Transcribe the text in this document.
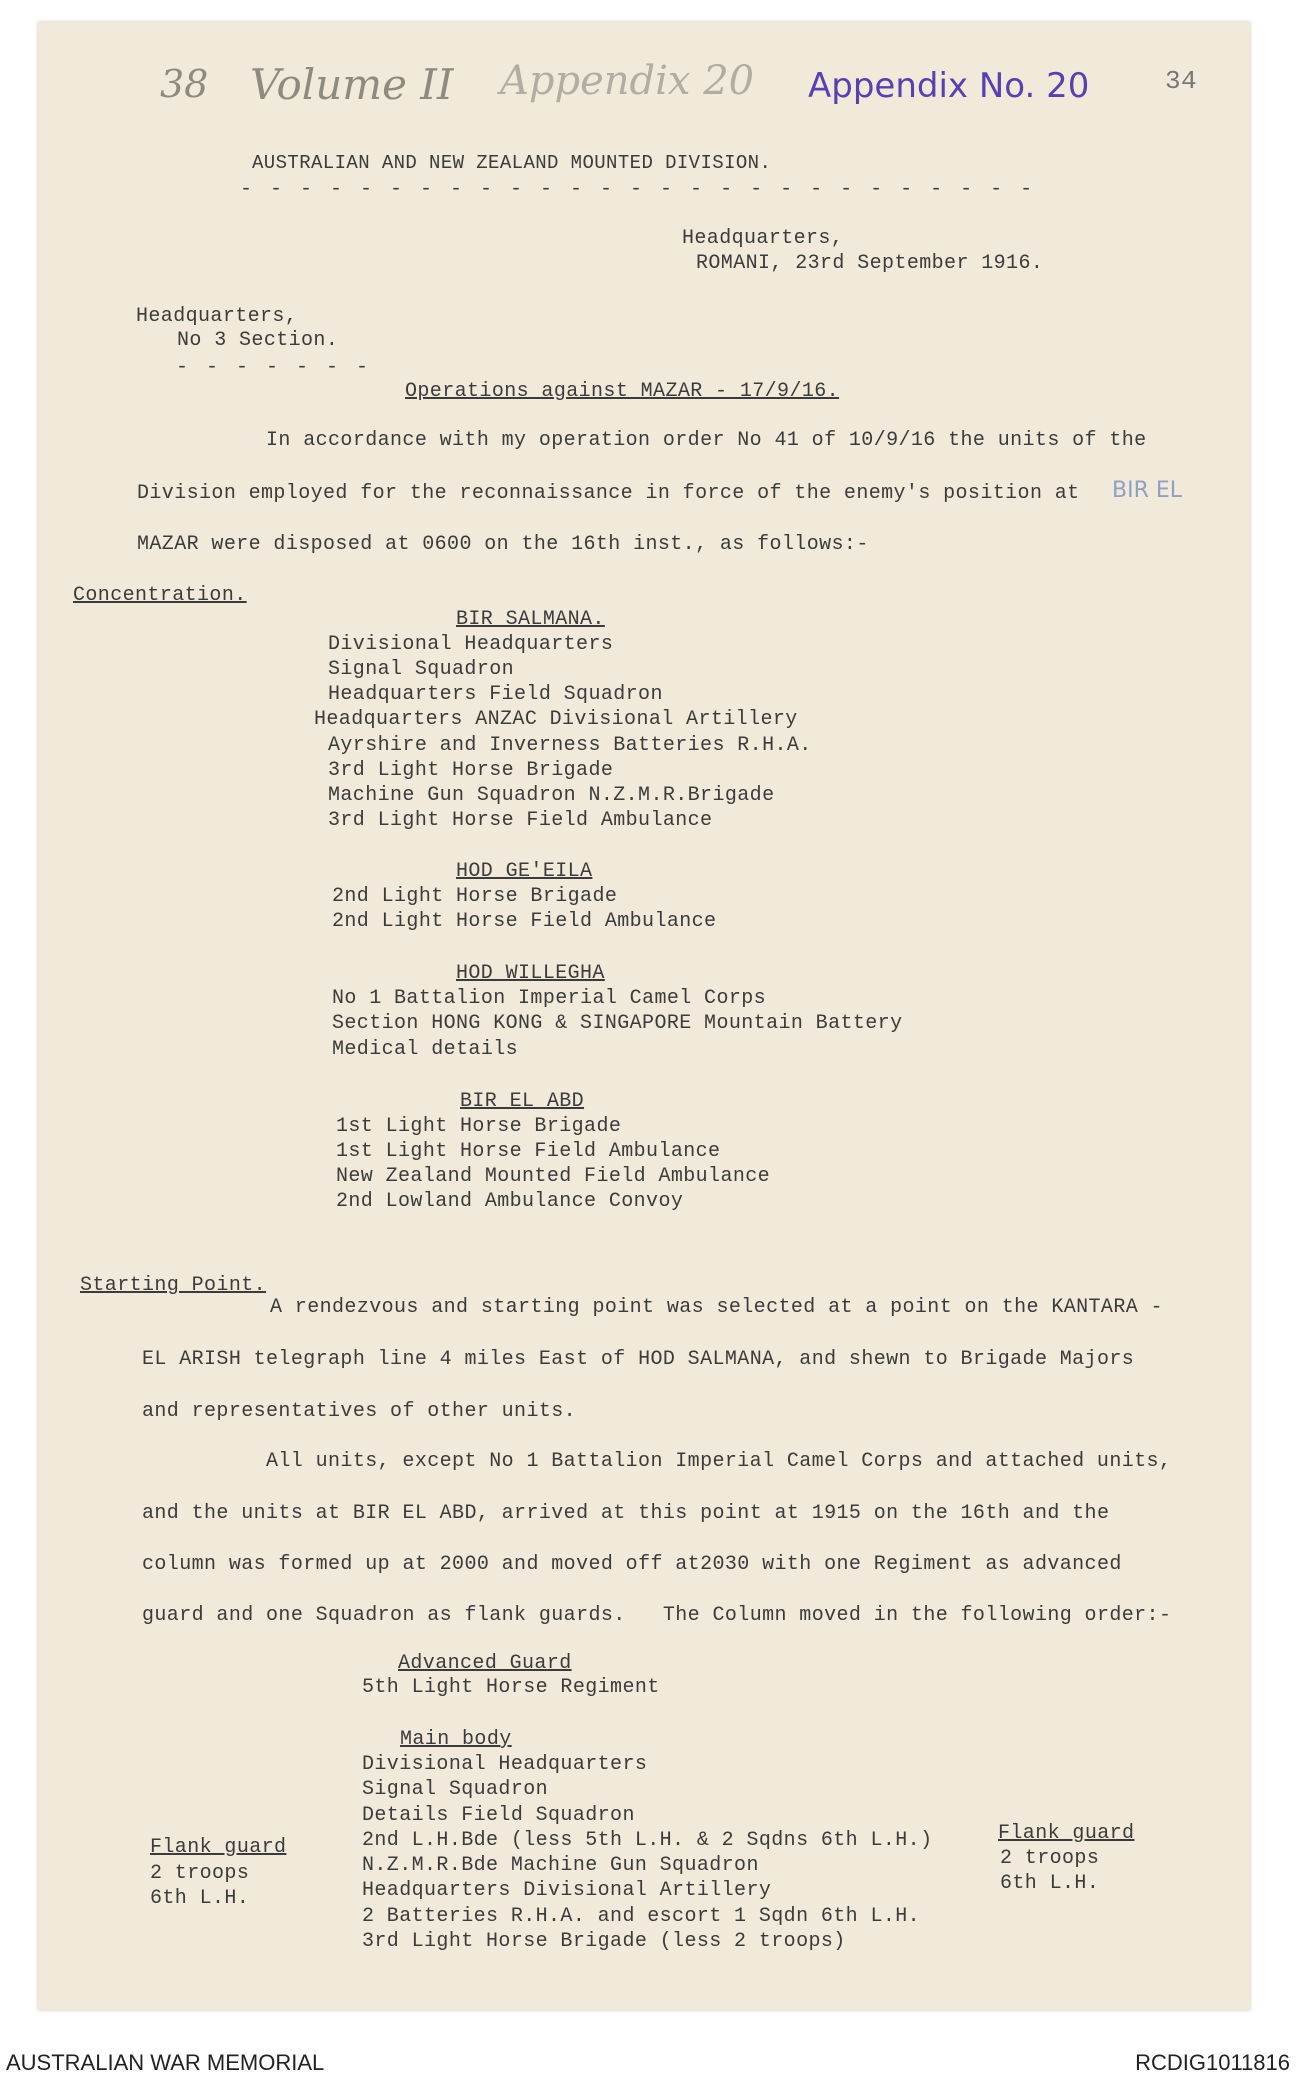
38 Volume II Appendix 20 Appendix No. 20	34
AUSTRALIAN AND NEW ZEALAND MOUNTED DIVISION.
- - - - - - - - - - - - - - - - - - - - - - - - - - -
Headquarters,
ROMANI, 23rd September 1916.
Headquarters,
No 3 Section.
- - - - - - -
Operations against MAZAR - 17/9/16.
In accordance with my operation order No 41 of 10/9/16 the units of the
Division employed for the reconnaissance in force of the enemy's position at BIR EL
MAZAR were disposed at 0600 on the 16th inst., as follows:-
Concentration.
BIR SALMANA.
Divisional Headquarters
Signal Squadron
Headquarters Field Squadron
Headquarters ANZAC Divisional Artillery
Ayrshire and Inverness Batteries R.H.A.
3rd Light Horse Brigade
Machine Gun Squadron N.Z.M.R.Brigade
3rd Light Horse Field Ambulance
HOD GE'EILA
2nd Light Horse Brigade
2nd Light Horse Field Ambulance
HOD WILLEGHA
No 1 Battalion Imperial Camel Corps
Section HONG KONG & SINGAPORE Mountain Battery
Medical details
BIR EL ABD
1st Light Horse Brigade
1st Light Horse Field Ambulance
New Zealand Mounted Field Ambulance
2nd Lowland Ambulance Convoy
Starting Point.
A rendezvous and starting point was selected at a point on the KANTARA -
EL ARISH telegraph line 4 miles East of HOD SALMANA, and shewn to Brigade Majors
and representatives of other units.
All units, except No 1 Battalion Imperial Camel Corps and attached units,
and the units at BIR EL ABD, arrived at this point at 1915 on the 16th and the
column was formed up at 2000 and moved off at2030 with one Regiment as advanced
guard and one Squadron as flank guards.   The Column moved in the following order:-
Advanced Guard
5th Light Horse Regiment
Main body
Divisional Headquarters
Signal Squadron
Details Field Squadron
2nd L.H.Bde (less 5th L.H. & 2 Sqdns 6th L.H.)
N.Z.M.R.Bde Machine Gun Squadron
Headquarters Divisional Artillery
2 Batteries R.H.A. and escort 1 Sqdn 6th L.H.
3rd Light Horse Brigade (less 2 troops)
Flank guard
2 troops
6th L.H.
Flank guard
2 troops
6th L.H.
AUSTRALIAN WAR MEMORIAL	RCDIG1011816
